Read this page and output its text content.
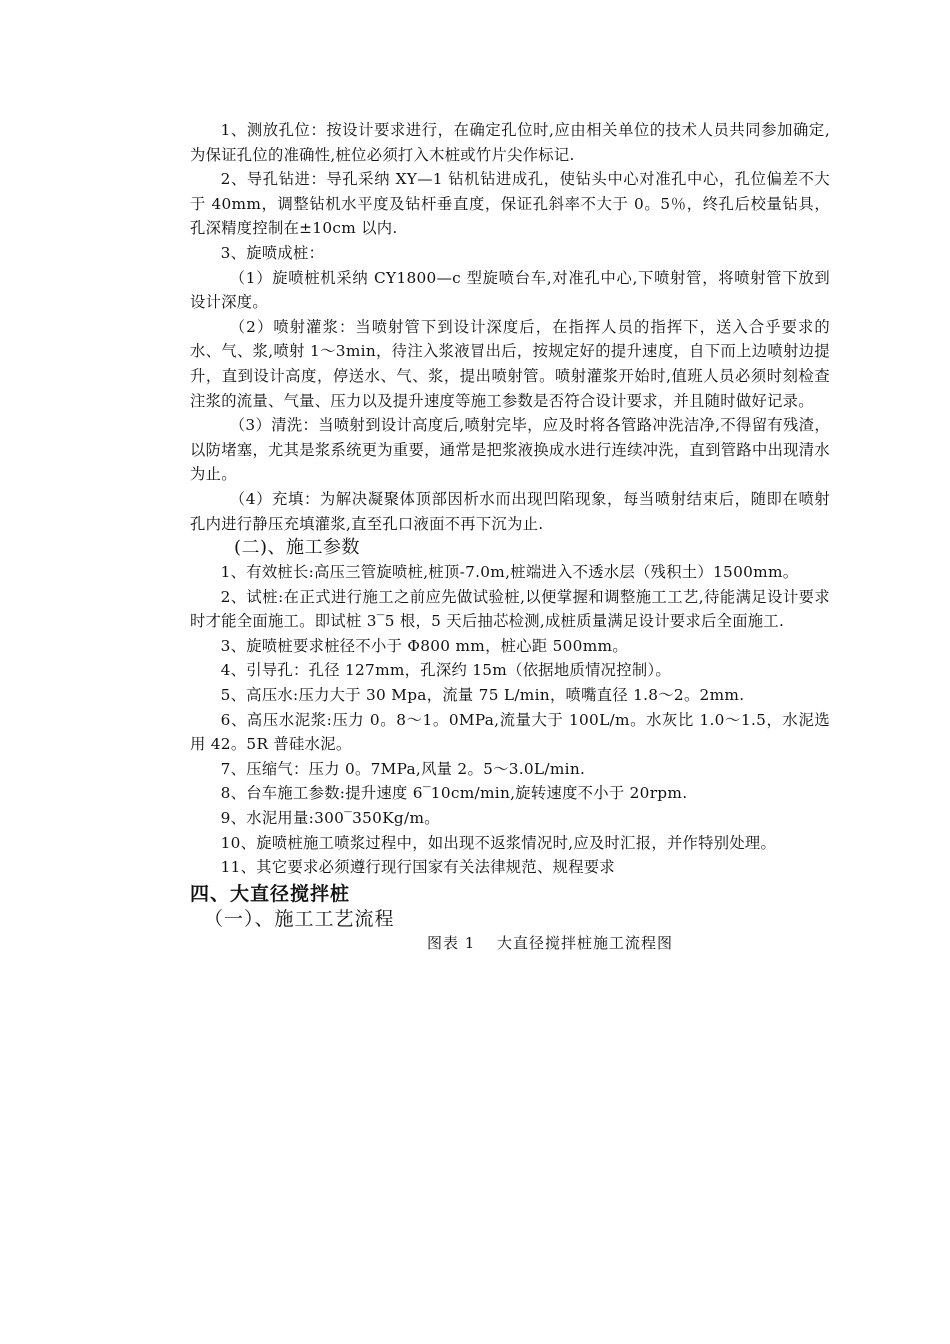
1、测放孔位：按设计要求进行，在确定孔位时,应由相关单位的技术人员共同参加确定,为保证孔位的准确性,桩位必须打入木桩或竹片尖作标记.

2、导孔钻进：导孔采纳 XY—1 钻机钻进成孔，使钻头中心对准孔中心，孔位偏差不大于 40mm，调整钻机水平度及钻杆垂直度，保证孔斜率不大于 0。5％，终孔后校量钻具，孔深精度控制在±10cm 以内.

3、旋喷成桩：

（1）旋喷桩机采纳 CY1800—c 型旋喷台车,对准孔中心,下喷射管，将喷射管下放到设计深度。

（2）喷射灌浆：当喷射管下到设计深度后，在指挥人员的指挥下，送入合乎要求的水、气、浆,喷射 1～3min，待注入浆液冒出后，按规定好的提升速度，自下而上边喷射边提升，直到设计高度，停送水、气、浆，提出喷射管。喷射灌浆开始时,值班人员必须时刻检查注浆的流量、气量、压力以及提升速度等施工参数是否符合设计要求，并且随时做好记录。

（3）清洗：当喷射到设计高度后,喷射完毕，应及时将各管路冲洗洁净,不得留有残渣，以防堵塞，尤其是浆系统更为重要，通常是把浆液换成水进行连续冲洗，直到管路中出现清水为止。

（4）充填：为解决凝聚体顶部因析水而出现凹陷现象，每当喷射结束后，随即在喷射孔内进行静压充填灌浆,直至孔口液面不再下沉为止.

(二)、施工参数

1、有效桩长:高压三管旋喷桩,桩顶-7.0m,桩端进入不透水层（残积土）1500mm。

2、试桩:在正式进行施工之前应先做试验桩,以便掌握和调整施工工艺,待能满足设计要求时才能全面施工。即试桩 3‾5 根，5 天后抽芯检测,成桩质量满足设计要求后全面施工.

3、旋喷桩要求桩径不小于 Φ800 mm，桩心距 500mm。

4、引导孔：孔径 127mm，孔深约 15m（依据地质情况控制）。

5、高压水:压力大于 30 Mpa，流量 75 L/min，喷嘴直径 1.8～2。2mm.

6、高压水泥浆:压力 0。8～1。0MPa,流量大于 100L/m。水灰比 1.0～1.5，水泥选用 42。5R 普硅水泥。

7、压缩气：压力 0。7MPa,风量 2。5～3.0L/min.

8、台车施工参数:提升速度 6‾10cm/min,旋转速度不小于 20rpm.

9、水泥用量:300‾350Kg/m。

10、旋喷桩施工喷浆过程中，如出现不返浆情况时,应及时汇报，并作特别处理。

11、其它要求必须遵行现行国家有关法律规范、规程要求

四、大直径搅拌桩

（一）、施工工艺流程

图表 1　 大直径搅拌桩施工流程图
